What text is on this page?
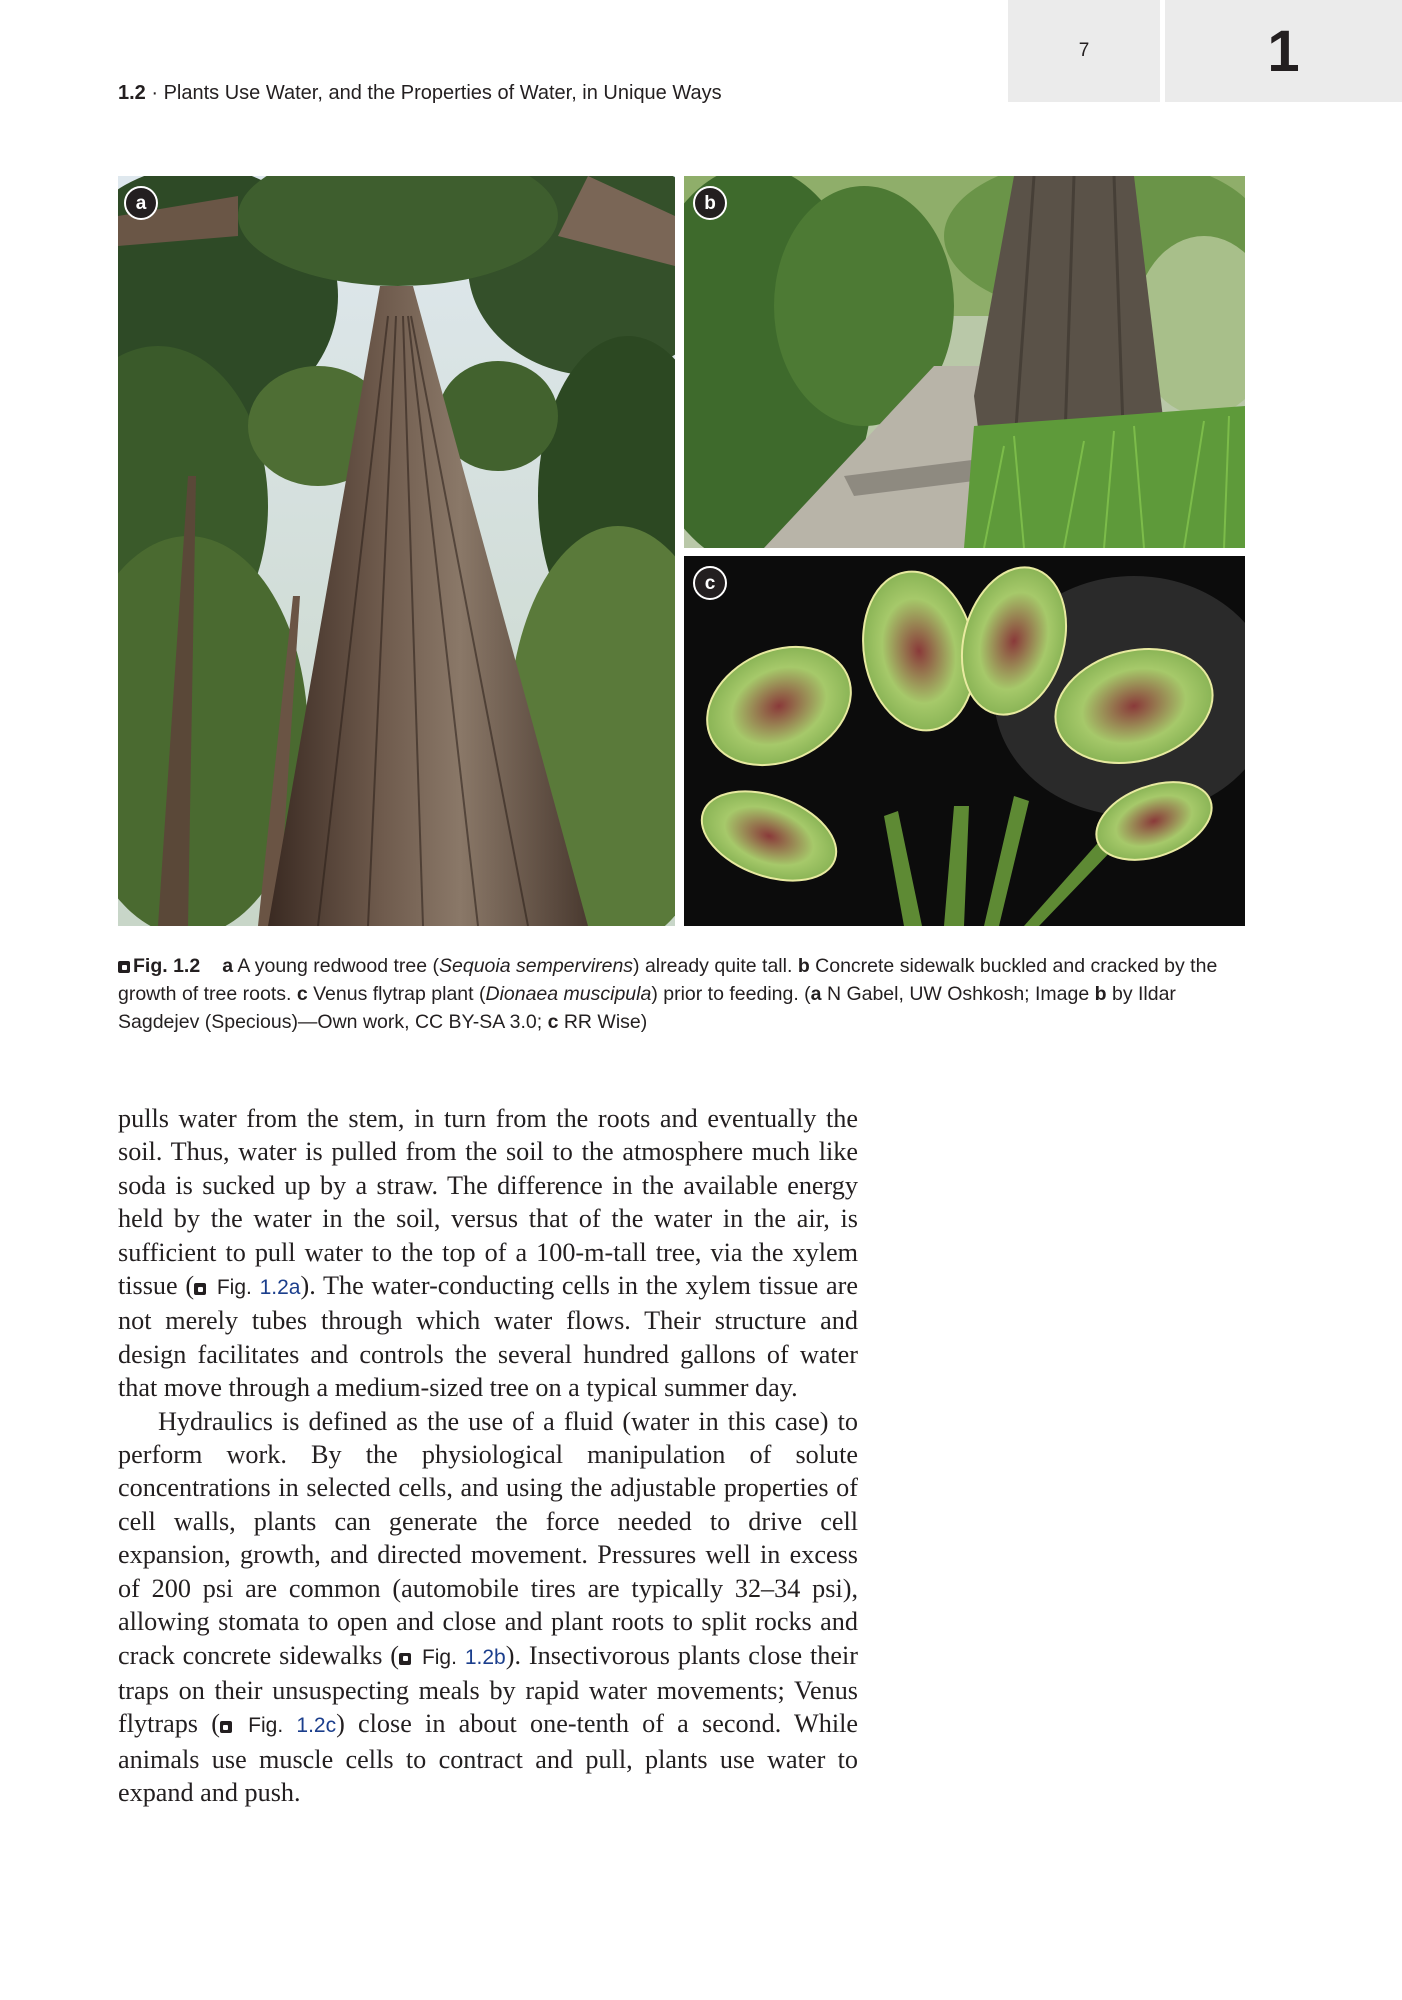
7	1
1.2 · Plants Use Water, and the Properties of Water, in Unique Ways
a	b
c
Fig. 1.2 a A young redwood tree (Sequoia sempervirens) already quite tall. b Concrete sidewalk buckled and cracked by the growth of tree roots. c Venus flytrap plant (Dionaea muscipula) prior to feeding. (a N Gabel, UW Oshkosh; Image b by Ildar Sagdejev (Specious)—Own work, CC BY-SA 3.0; c RR Wise)

pulls water from the stem, in turn from the roots and eventually the soil. Thus, water is pulled from the soil to the atmosphere much like soda is sucked up by a straw. The difference in the available energy held by the water in the soil, versus that of the water in the air, is sufficient to pull water to the top of a 100-m-tall tree, via the xylem tissue ( Fig. 1.2a). The water-conducting cells in the xylem tissue are not merely tubes through which water flows. Their structure and design facilitates and controls the several hundred gallons of water that move through a medium-sized tree on a typical summer day.

Hydraulics is defined as the use of a fluid (water in this case) to perform work. By the physiological manipulation of solute concentrations in selected cells, and using the adjustable properties of cell walls, plants can generate the force needed to drive cell expansion, growth, and directed movement. Pressures well in excess of 200 psi are common (automobile tires are typically 32–34 psi), allowing stomata to open and close and plant roots to split rocks and crack concrete sidewalks ( Fig. 1.2b). Insectivorous plants close their traps on their unsuspecting meals by rapid water movements; Venus flytraps ( Fig. 1.2c) close in about one-tenth of a second. While animals use muscle cells to contract and pull, plants use water to expand and push.
